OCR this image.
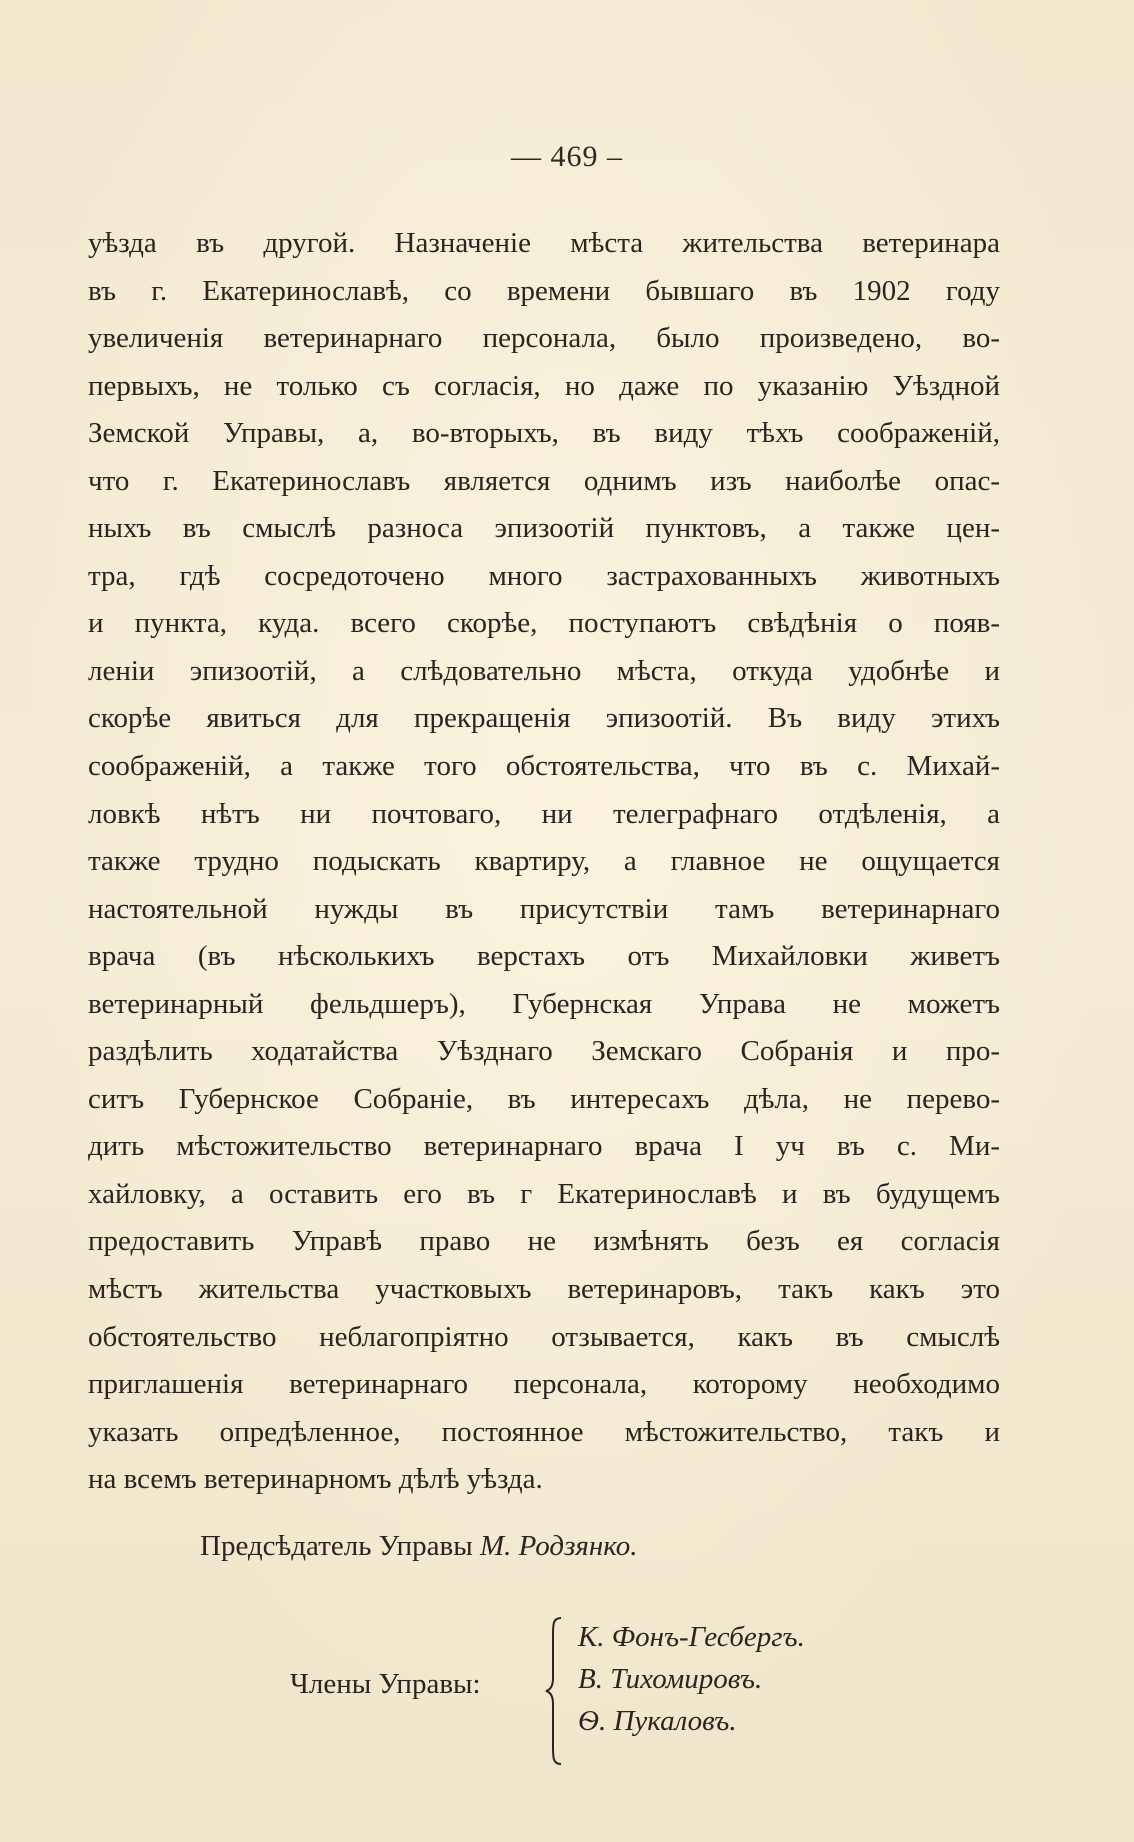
— 469 –
уѣзда въ другой. Назначеніе мѣста жительства ветеринара
въ г. Екатеринославѣ, со времени бывшаго въ 1902 году
увеличенія ветеринарнаго персонала, было произведено, во-
первыхъ, не только съ согласія, но даже по указанію Уѣздной
Земской Управы, а, во-вторыхъ, въ виду тѣхъ соображеній,
что г. Екатеринославъ является однимъ изъ наиболѣе опас-
ныхъ въ смыслѣ разноса эпизоотій пунктовъ, а также цен-
тра, гдѣ сосредоточено много застрахованныхъ животныхъ
и пункта, куда. всего скорѣе, поступаютъ свѣдѣнія о появ-
леніи эпизоотій, а слѣдовательно мѣста, откуда удобнѣе и
скорѣе явиться для прекращенія эпизоотій. Въ виду этихъ
соображеній, а также того обстоятельства, что въ с. Михай-
ловкѣ нѣтъ ни почтоваго, ни телеграфнаго отдѣленія, а
также трудно подыскать квартиру, а главное не ощущается
настоятельной нужды въ присутствіи тамъ ветеринарнаго
врача (въ нѣсколькихъ верстахъ отъ Михайловки живетъ
ветеринарный фельдшеръ), Губернская Управа не можетъ
раздѣлить ходатайства Уѣзднаго Земскаго Собранія и про-
ситъ Губернское Собраніе, въ интересахъ дѣла, не перево-
дить мѣстожительство ветеринарнаго врача I уч въ с. Ми-
хайловку, а оставить его въ г Екатеринославѣ и въ будущемъ
предоставить Управѣ право не измѣнять безъ ея согласія
мѣстъ жительства участковыхъ ветеринаровъ, такъ какъ это
обстоятельство неблагопріятно отзывается, какъ въ смыслѣ
приглашенія ветеринарнаго персонала, которому необходимо
указать опредѣленное, постоянное мѣстожительство, такъ и
на всемъ ветеринарномъ дѣлѣ уѣзда.
Предсѣдатель Управы М. Родзянко.
Члены Управы:
К. Фонъ-Гесбергъ.
В. Тихомировъ.
Ѳ. Пукаловъ.
